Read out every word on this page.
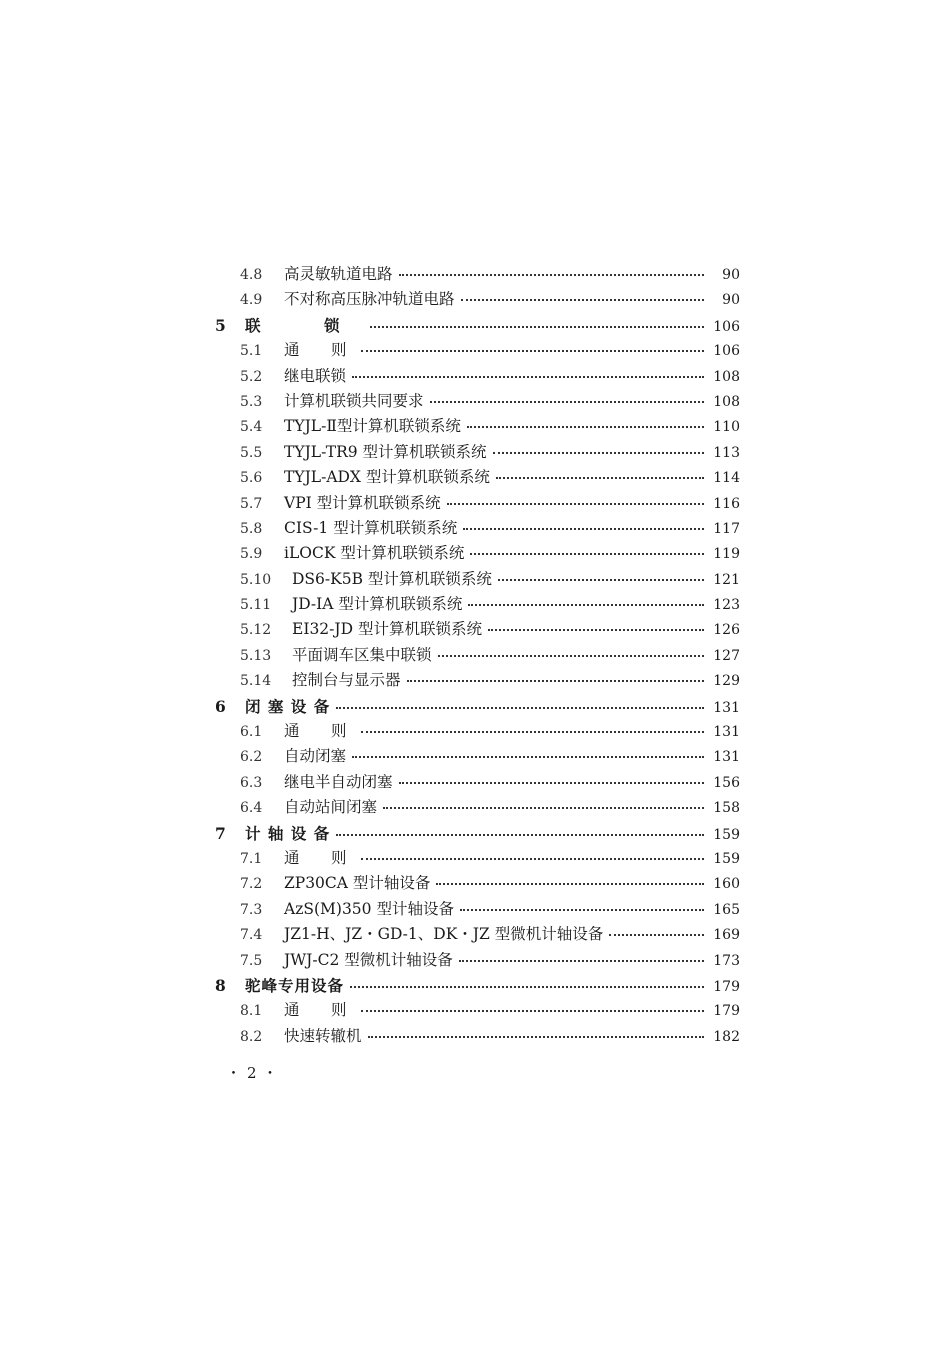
4.8	高灵敏轨道电路	90
4.9	不对称高压脉冲轨道电路	90
5	联　锁	106
5.1	通　则	106
5.2	继电联锁	108
5.3	计算机联锁共同要求	108
5.4	TYJL-Ⅱ型计算机联锁系统	110
5.5	TYJL-TR9 型计算机联锁系统	113
5.6	TYJL-ADX 型计算机联锁系统	114
5.7	VPI 型计算机联锁系统	116
5.8	CIS-1 型计算机联锁系统	117
5.9	iLOCK 型计算机联锁系统	119
5.10	DS6-K5B 型计算机联锁系统	121
5.11	JD-ⅠA 型计算机联锁系统	123
5.12	EI32-JD 型计算机联锁系统	126
5.13	平面调车区集中联锁	127
5.14	控制台与显示器	129
6	闭 塞 设 备	131
6.1	通　则	131
6.2	自动闭塞	131
6.3	继电半自动闭塞	156
6.4	自动站间闭塞	158
7	计 轴 设 备	159
7.1	通　则	159
7.2	ZP30CA 型计轴设备	160
7.3	AzS(M)350 型计轴设备	165
7.4	JZ1-H、JZ・GD-1、DK・JZ 型微机计轴设备	169
7.5	JWJ-C2 型微机计轴设备	173
8	驼峰专用设备	179
8.1	通　则	179
8.2	快速转辙机	182
・2・
